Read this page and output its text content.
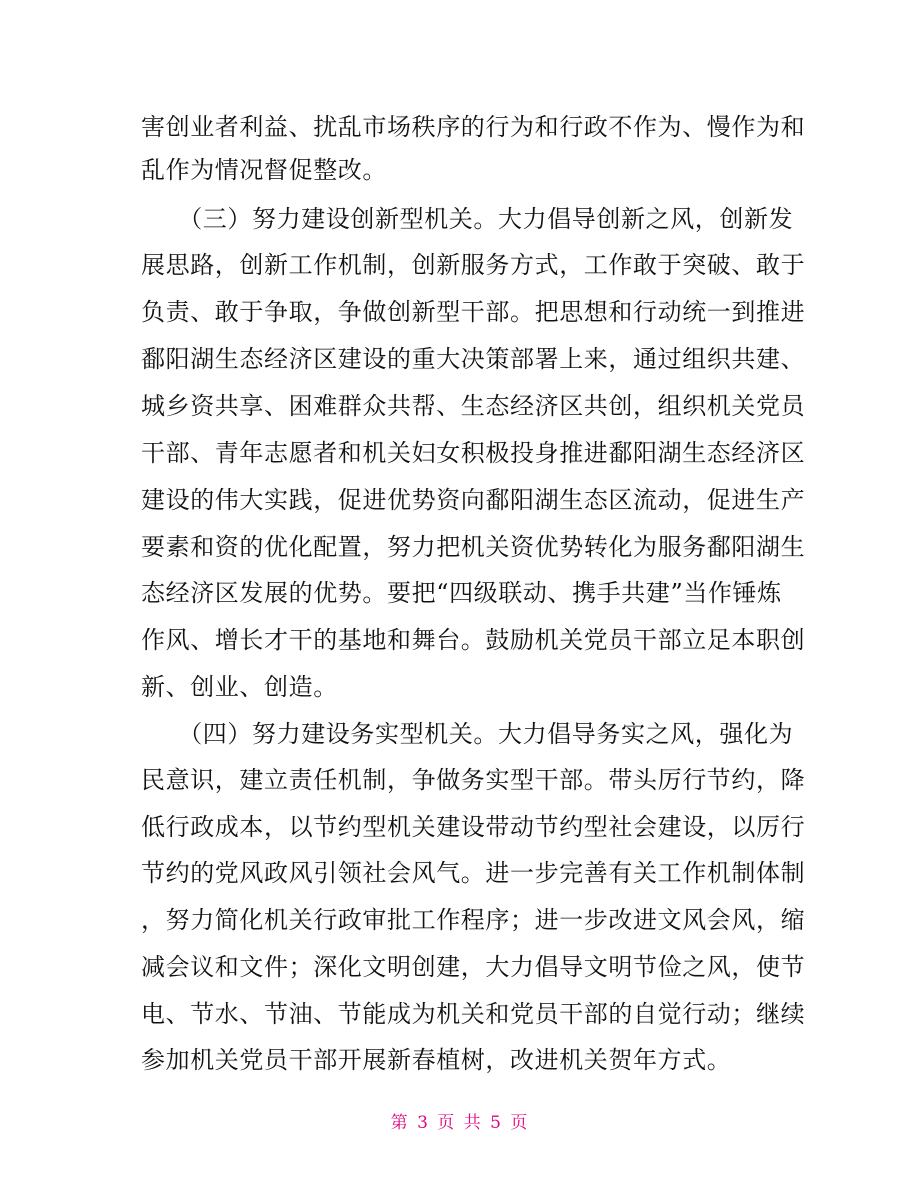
害创业者利益、扰乱市场秩序的行为和行政不作为、慢作为和
乱作为情况督促整改。
　　（三）努力建设创新型机关。大力倡导创新之风，创新发
展思路，创新工作机制，创新服务方式，工作敢于突破、敢于
负责、敢于争取，争做创新型干部。把思想和行动统一到推进
鄱阳湖生态经济区建设的重大决策部署上来，通过组织共建、
城乡资共享、困难群众共帮、生态经济区共创，组织机关党员
干部、青年志愿者和机关妇女积极投身推进鄱阳湖生态经济区
建设的伟大实践，促进优势资向鄱阳湖生态区流动，促进生产
要素和资的优化配置，努力把机关资优势转化为服务鄱阳湖生
态经济区发展的优势。要把“四级联动、携手共建”当作锤炼
作风、增长才干的基地和舞台。鼓励机关党员干部立足本职创
新、创业、创造。
　　（四）努力建设务实型机关。大力倡导务实之风，强化为
民意识，建立责任机制，争做务实型干部。带头厉行节约，降
低行政成本，以节约型机关建设带动节约型社会建设，以厉行
节约的党风政风引领社会风气。进一步完善有关工作机制体制
，努力简化机关行政审批工作程序；进一步改进文风会风，缩
减会议和文件；深化文明创建，大力倡导文明节俭之风，使节
电、节水、节油、节能成为机关和党员干部的自觉行动；继续
参加机关党员干部开展新春植树，改进机关贺年方式。
第 3 页 共 5 页
